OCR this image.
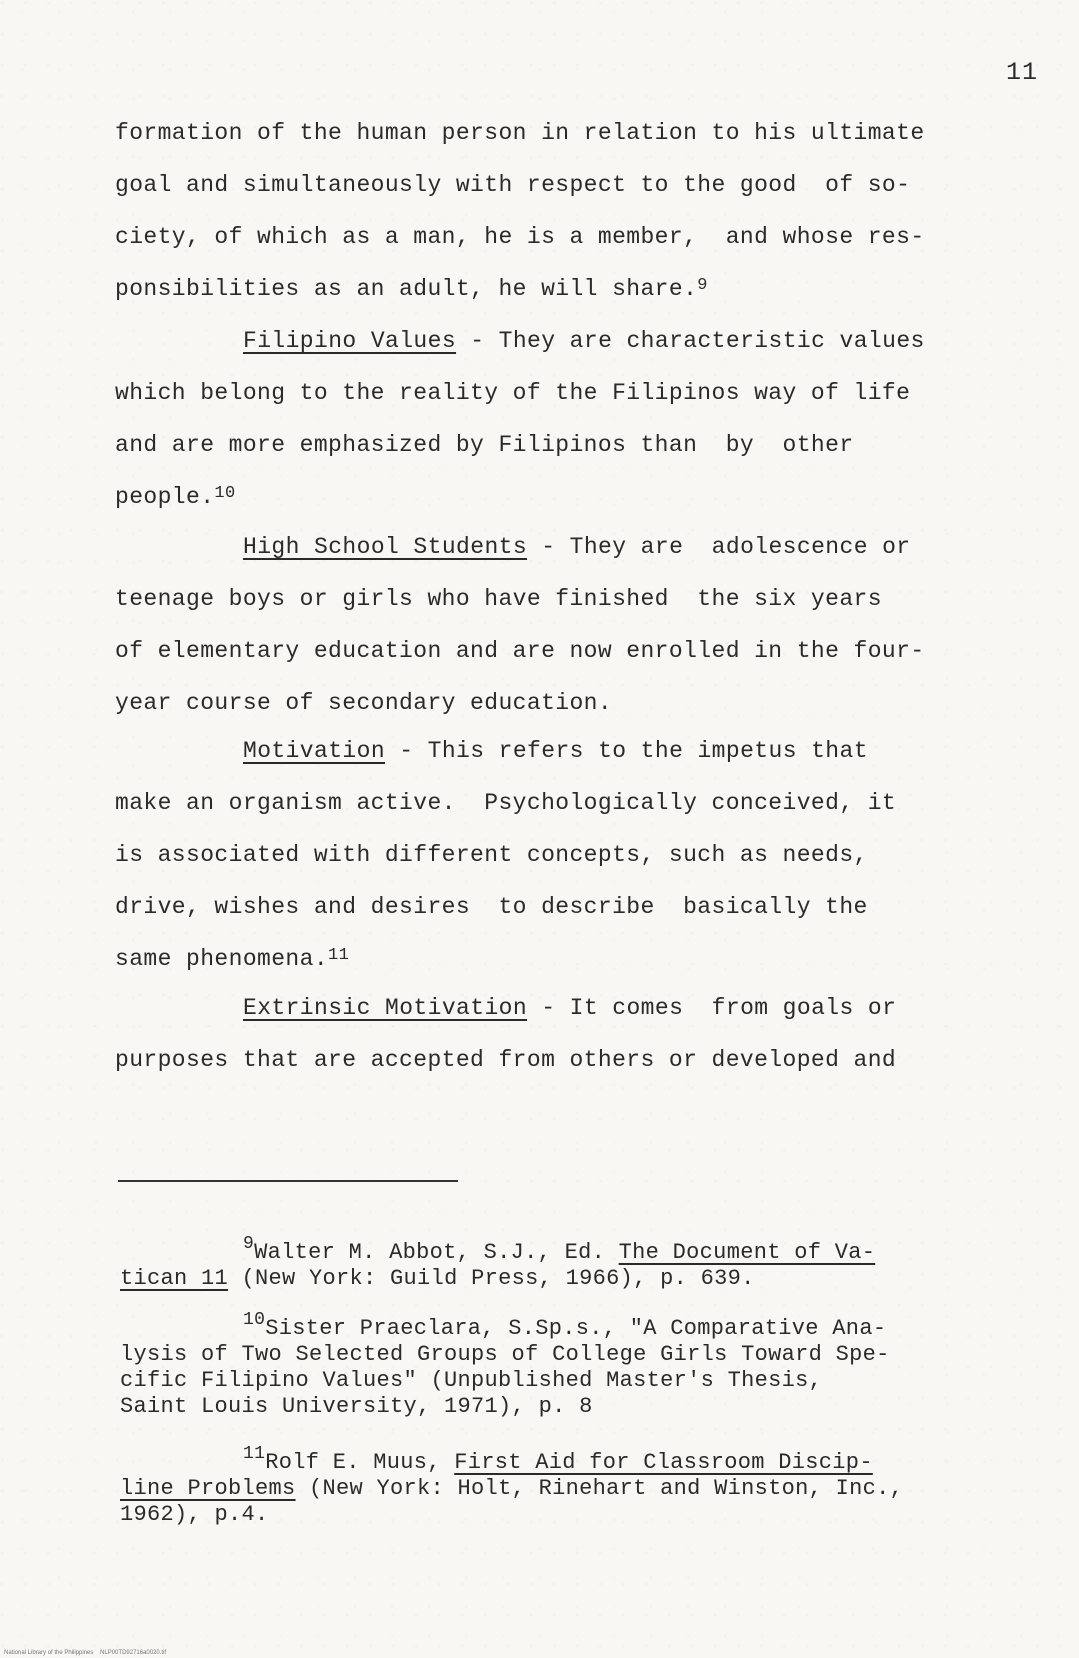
11
formation of the human person in relation to his ultimate
goal and simultaneously with respect to the good  of so-
ciety, of which as a man, he is a member,  and whose res-
ponsibilities as an adult, he will share.$^9$
Filipino Values - They are characteristic values
which belong to the reality of the Filipinos way of life
and are more emphasized by Filipinos than  by  other
people.$^{10}$
High School Students - They are  adolescence or
teenage boys or girls who have finished  the six years
of elementary education and are now enrolled in the four-
year course of secondary education.
Motivation - This refers to the impetus that
make an organism active.  Psychologically conceived, it
is associated with different concepts, such as needs,
drive, wishes and desires  to describe  basically the
same phenomena.$^{11}$
Extrinsic Motivation - It comes  from goals or
purposes that are accepted from others or developed and
$^9$Walter M. Abbot, S.J., Ed. The Document of Va-
tican 11 (New York: Guild Press, 1966), p. 639.
$^{10}$Sister Praeclara, S.Sp.s., "A Comparative Ana-
lysis of Two Selected Groups of College Girls Toward Spe-
cific Filipino Values" (Unpublished Master's Thesis,
Saint Louis University, 1971), p. 8
$^{11}$Rolf E. Muus, First Aid for Classroom Discip-
line Problems (New York: Holt, Rinehart and Winston, Inc.,
1962), p.4.
National Library of the Philippines    NLP00TD92716a0020.tif
